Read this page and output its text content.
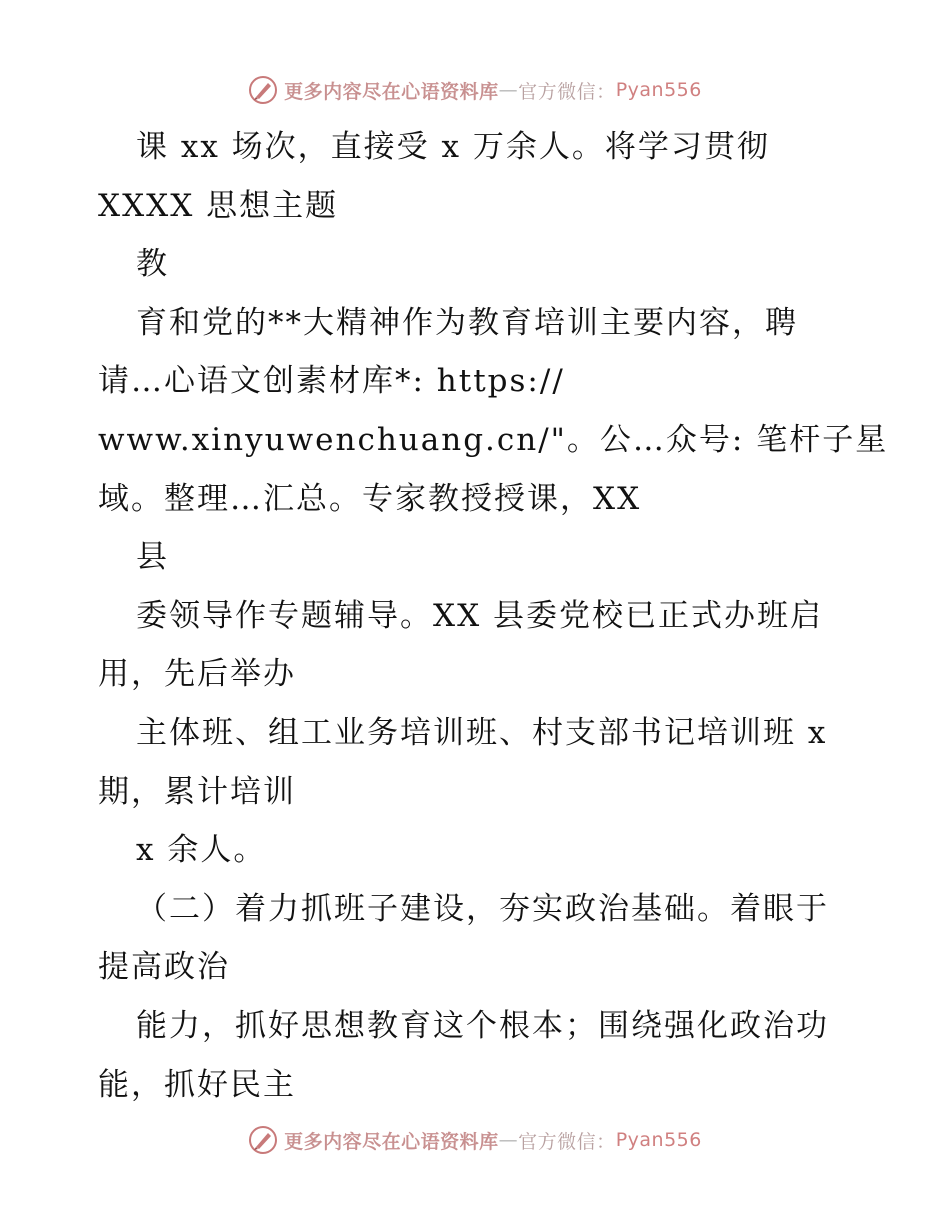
更多内容尽在心语资料库 — 官方微信： Pyan556
课 xx 场次，直接受 x 万余人。将学习贯彻
XXXX 思想主题
教
育和党的**大精神作为教育培训主要内容，聘
请…心语文创素材库*: https://
www.xinyuwenchuang.cn/"。公…众号: 笔杆子星
域。整理…汇总。专家教授授课，XX
县
委领导作专题辅导。XX 县委党校已正式办班启
用，先后举办
主体班、组工业务培训班、村支部书记培训班 x
期，累计培训
x 余人。
（二）着力抓班子建设，夯实政治基础。着眼于
提高政治
能力，抓好思想教育这个根本；围绕强化政治功
能，抓好民主
更多内容尽在心语资料库 — 官方微信： Pyan556
